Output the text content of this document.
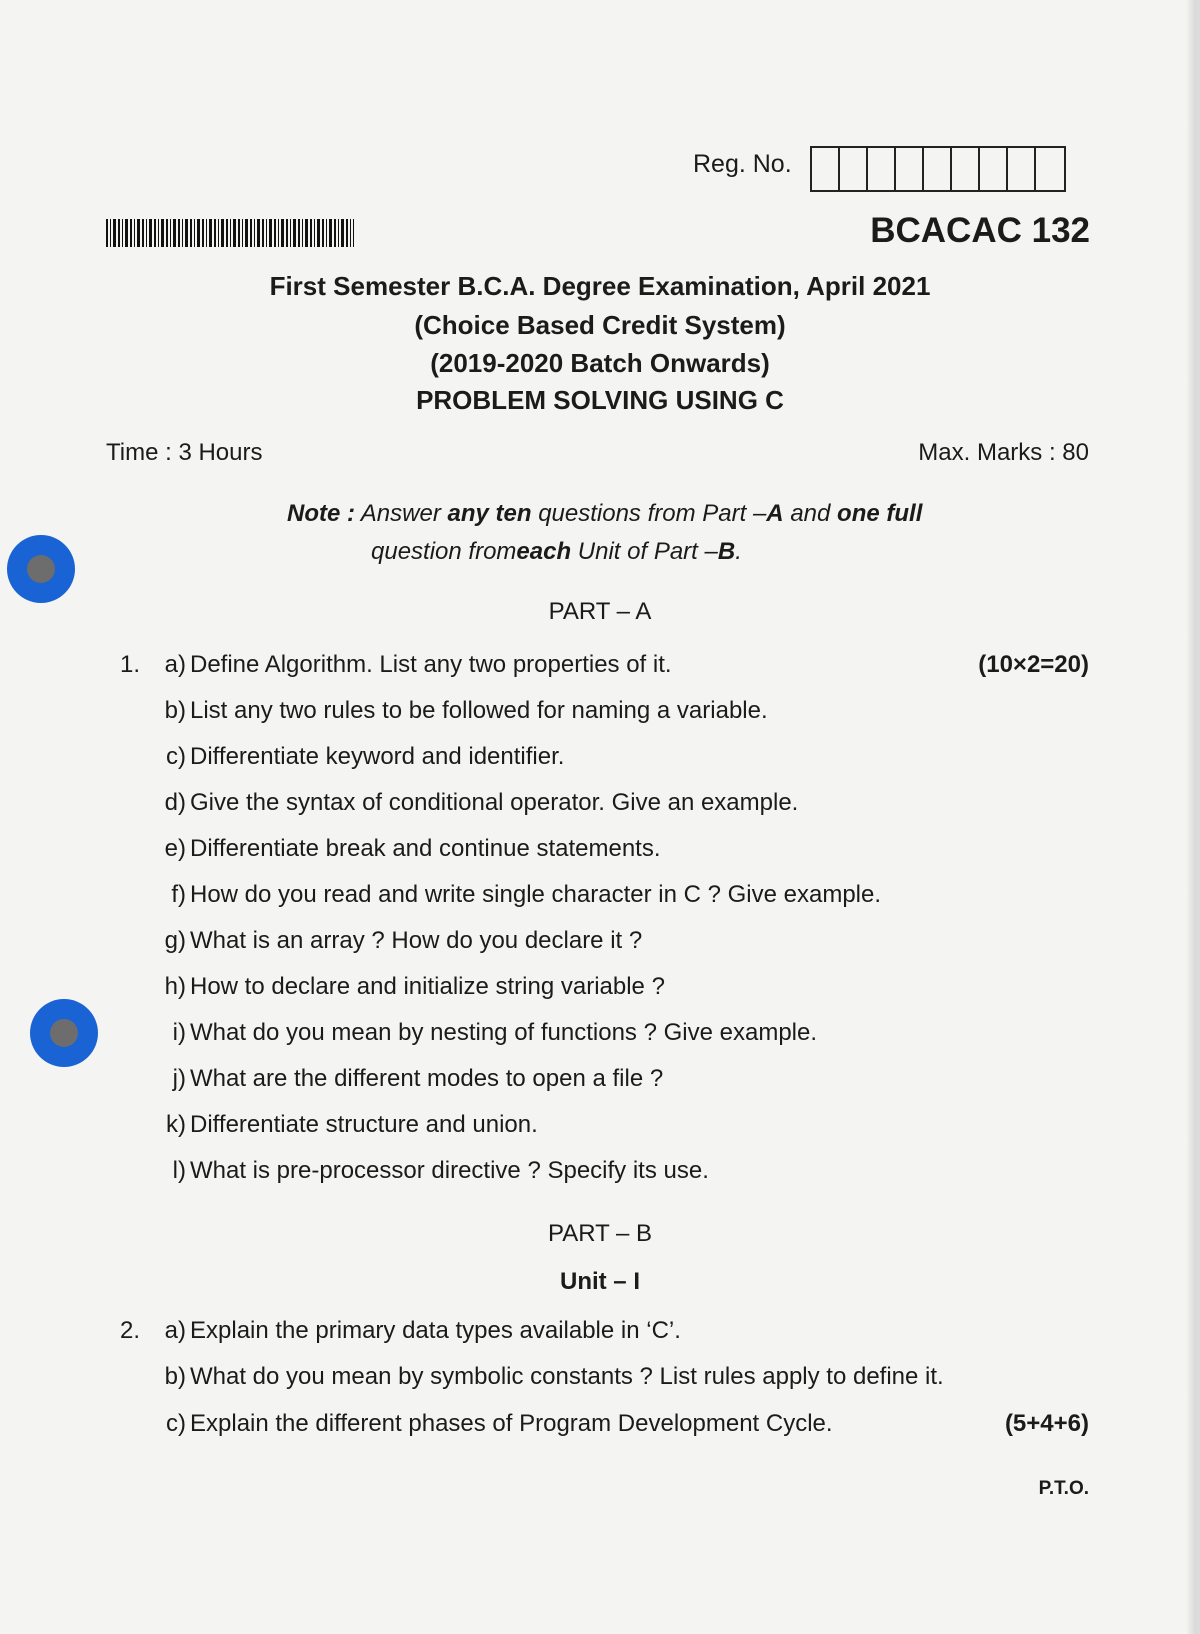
Reg. No.
BCACAC 132
First Semester B.C.A. Degree Examination, April 2021
(Choice Based Credit System)
(2019-2020 Batch Onwards)
PROBLEM SOLVING USING C
Time : 3 Hours	Max. Marks : 80
Note : Answer any ten questions from Part –A and one full
question fromeach Unit of Part –B.
PART – A
1.	(10×2=20)
a) Define Algorithm. List any two properties of it.
b) List any two rules to be followed for naming a variable.
c) Differentiate keyword and identifier.
d) Give the syntax of conditional operator. Give an example.
e) Differentiate break and continue statements.
f) How do you read and write single character in C ? Give example.
g) What is an array ? How do you declare it ?
h) How to declare and initialize string variable ?
i) What do you mean by nesting of functions ? Give example.
j) What are the different modes to open a file ?
k) Differentiate structure and union.
l) What is pre-processor directive ? Specify its use.
PART – B
Unit – I
2.	a) Explain the primary data types available in ‘C’.
b) What do you mean by symbolic constants ? List rules apply to define it.
c) Explain the different phases of Program Development Cycle.	(5+4+6)
P.T.O.
